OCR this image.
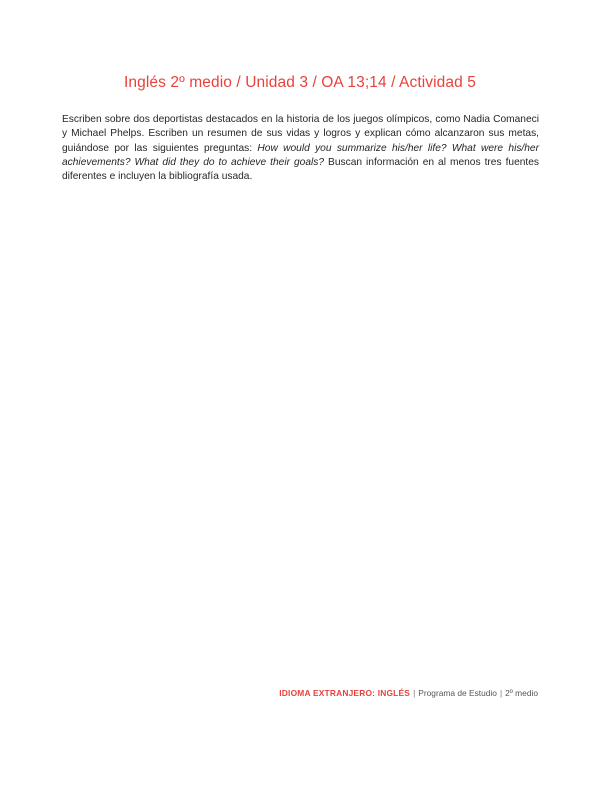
Inglés 2º medio / Unidad 3 / OA 13;14 / Actividad 5

Escriben sobre dos deportistas destacados en la historia de los juegos olímpicos, como Nadia Comaneci y Michael Phelps. Escriben un resumen de sus vidas y logros y explican cómo alcanzaron sus metas, guiándose por las siguientes preguntas: How would you summarize his/her life? What were his/her achievements? What did they do to achieve their goals? Buscan información en al menos tres fuentes diferentes e incluyen la bibliografía usada.

IDIOMA EXTRANJERO: INGLÉS | Programa de Estudio | 2º medio
